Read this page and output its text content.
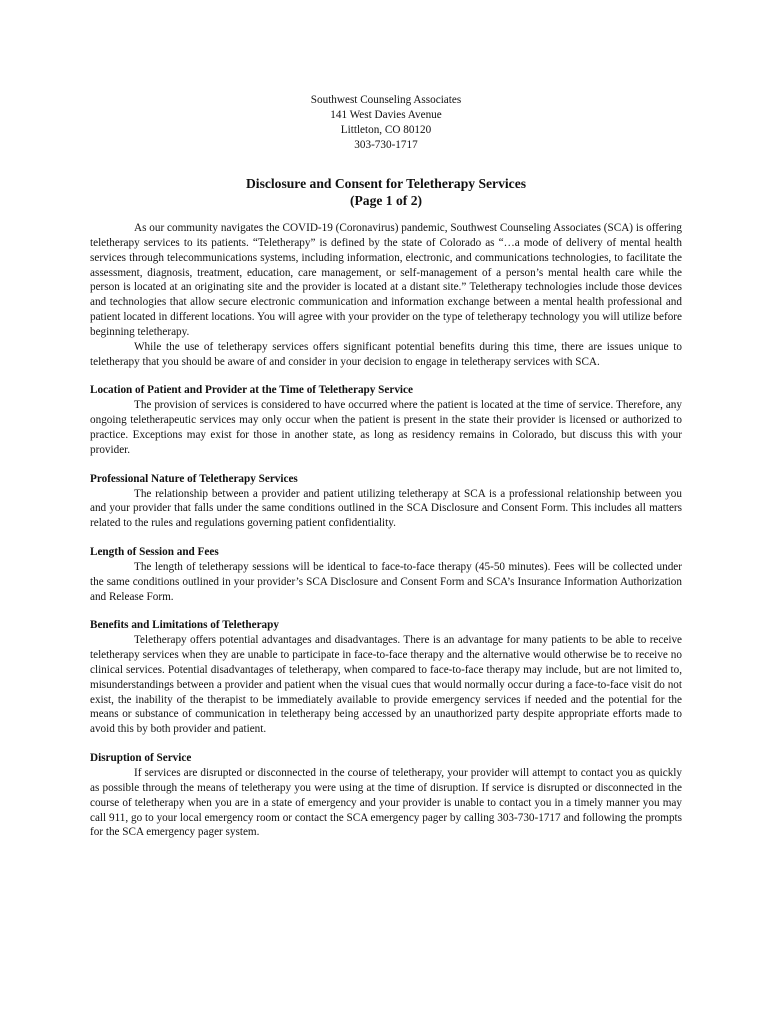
Southwest Counseling Associates
141 West Davies Avenue
Littleton, CO 80120
303-730-1717
Disclosure and Consent for Teletherapy Services
(Page 1 of 2)

As our community navigates the COVID-19 (Coronavirus) pandemic, Southwest Counseling Associates (SCA) is offering teletherapy services to its patients. “Teletherapy” is defined by the state of Colorado as “…a mode of delivery of mental health services through telecommunications systems, including information, electronic, and communications technologies, to facilitate the assessment, diagnosis, treatment, education, care management, or self-management of a person’s mental health care while the person is located at an originating site and the provider is located at a distant site.” Teletherapy technologies include those devices and technologies that allow secure electronic communication and information exchange between a mental health professional and patient located in different locations. You will agree with your provider on the type of teletherapy technology you will utilize before beginning teletherapy.

While the use of teletherapy services offers significant potential benefits during this time, there are issues unique to teletherapy that you should be aware of and consider in your decision to engage in teletherapy services with SCA.

Location of Patient and Provider at the Time of Teletherapy Service

The provision of services is considered to have occurred where the patient is located at the time of service. Therefore, any ongoing teletherapeutic services may only occur when the patient is present in the state their provider is licensed or authorized to practice. Exceptions may exist for those in another state, as long as residency remains in Colorado, but discuss this with your provider.

Professional Nature of Teletherapy Services

The relationship between a provider and patient utilizing teletherapy at SCA is a professional relationship between you and your provider that falls under the same conditions outlined in the SCA Disclosure and Consent Form. This includes all matters related to the rules and regulations governing patient confidentiality.

Length of Session and Fees

The length of teletherapy sessions will be identical to face-to-face therapy (45-50 minutes). Fees will be collected under the same conditions outlined in your provider’s SCA Disclosure and Consent Form and SCA’s Insurance Information Authorization and Release Form.

Benefits and Limitations of Teletherapy

Teletherapy offers potential advantages and disadvantages. There is an advantage for many patients to be able to receive teletherapy services when they are unable to participate in face-to-face therapy and the alternative would otherwise be to receive no clinical services. Potential disadvantages of teletherapy, when compared to face-to-face therapy may include, but are not limited to, misunderstandings between a provider and patient when the visual cues that would normally occur during a face-to-face visit do not exist, the inability of the therapist to be immediately available to provide emergency services if needed and the potential for the means or substance of communication in teletherapy being accessed by an unauthorized party despite appropriate efforts made to avoid this by both provider and patient.

Disruption of Service

If services are disrupted or disconnected in the course of teletherapy, your provider will attempt to contact you as quickly as possible through the means of teletherapy you were using at the time of disruption. If service is disrupted or disconnected in the course of teletherapy when you are in a state of emergency and your provider is unable to contact you in a timely manner you may call 911, go to your local emergency room or contact the SCA emergency pager by calling 303-730-1717 and following the prompts for the SCA emergency pager system.
